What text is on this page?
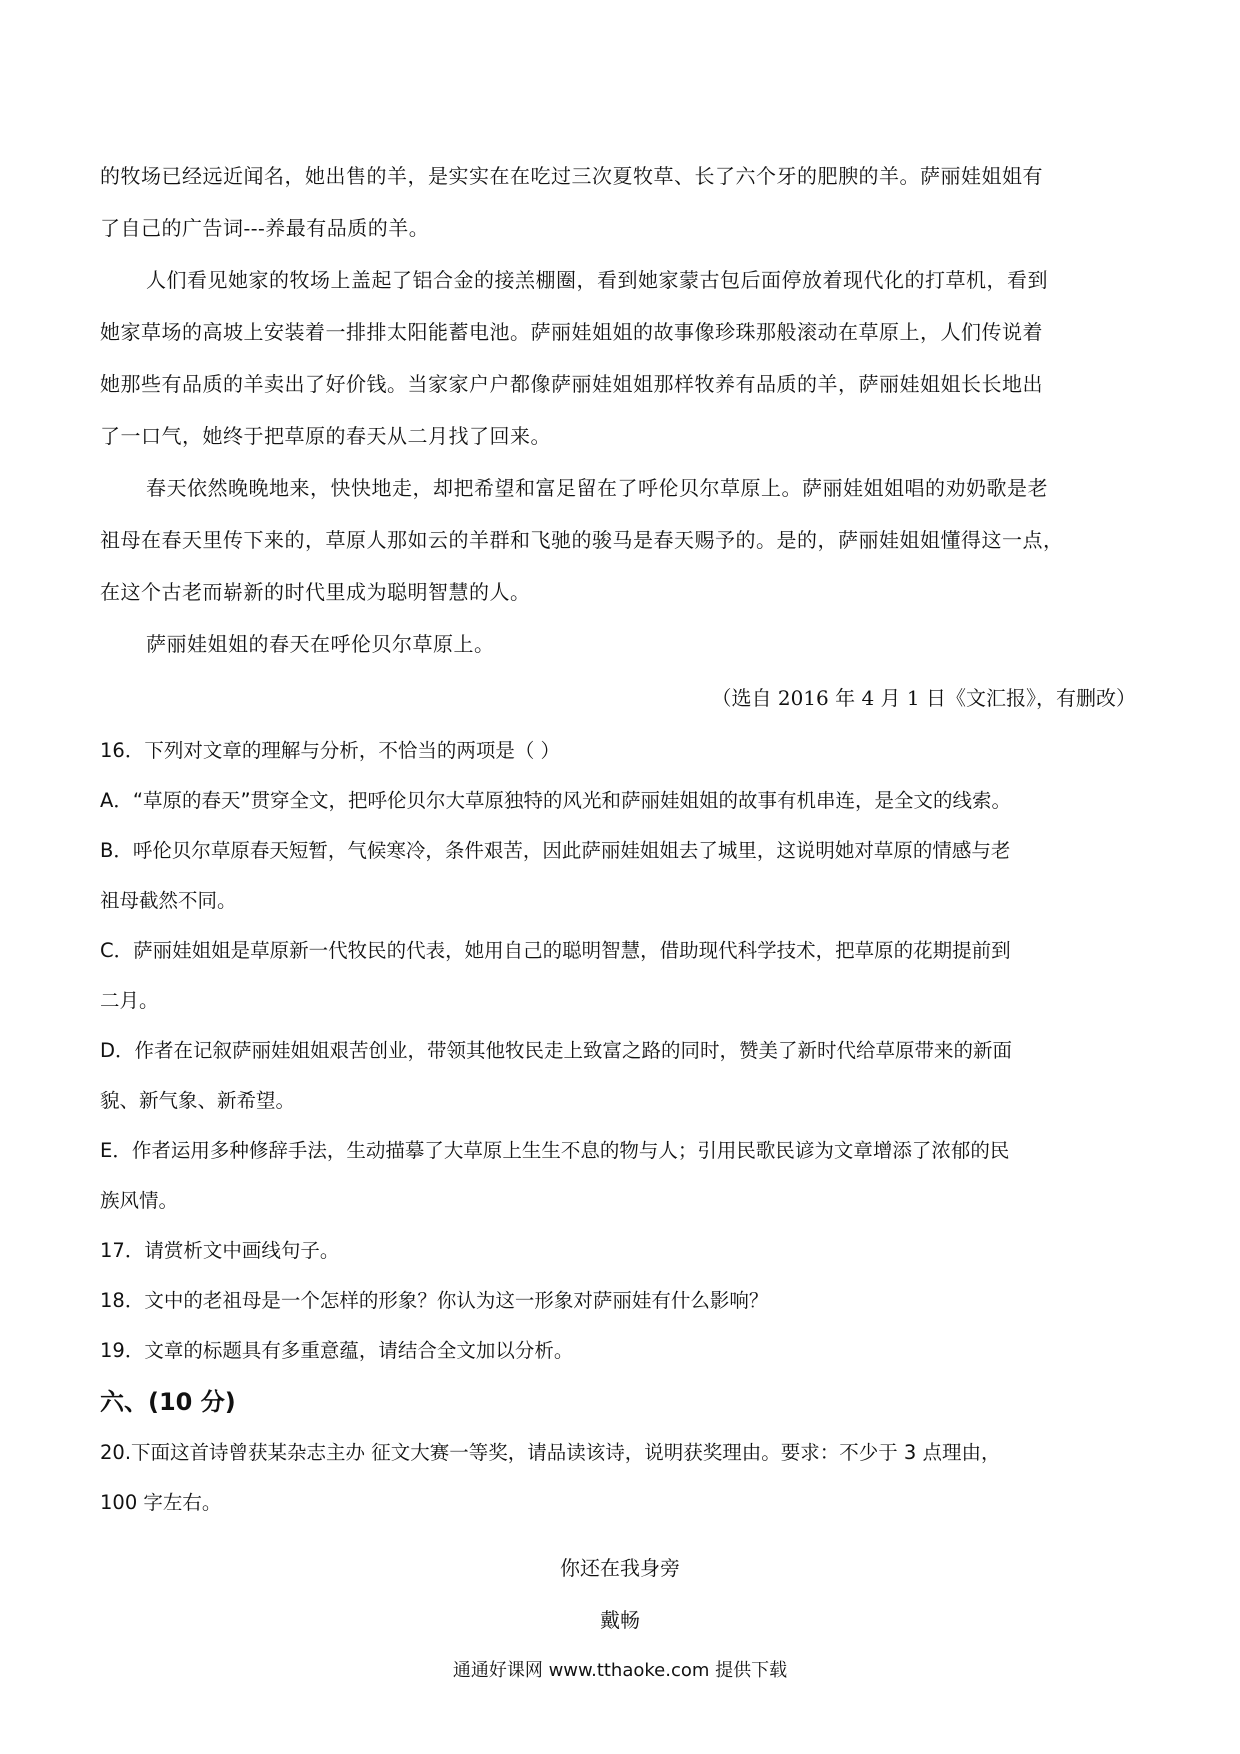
的牧场已经远近闻名，她出售的羊，是实实在在吃过三次夏牧草、长了六个牙的肥腴的羊。萨丽娃姐姐有
了自己的广告词---养最有品质的羊。
人们看见她家的牧场上盖起了铝合金的接羔棚圈，看到她家蒙古包后面停放着现代化的打草机，看到
她家草场的高坡上安装着一排排太阳能蓄电池。萨丽娃姐姐的故事像珍珠那般滚动在草原上，人们传说着
她那些有品质的羊卖出了好价钱。当家家户户都像萨丽娃姐姐那样牧养有品质的羊，萨丽娃姐姐长长地出
了一口气，她终于把草原的春天从二月找了回来。
春天依然晚晚地来，快快地走，却把希望和富足留在了呼伦贝尔草原上。萨丽娃姐姐唱的劝奶歌是老
祖母在春天里传下来的，草原人那如云的羊群和飞驰的骏马是春天赐予的。是的，萨丽娃姐姐懂得这一点，
在这个古老而崭新的时代里成为聪明智慧的人。
萨丽娃姐姐的春天在呼伦贝尔草原上。
（选自 2016 年 4 月 1 日《文汇报》，有删改）
16．下列对文章的理解与分析，不恰当的两项是（ ）
A．“草原的春天”贯穿全文，把呼伦贝尔大草原独特的风光和萨丽娃姐姐的故事有机串连，是全文的线索。
B．呼伦贝尔草原春天短暂，气候寒冷，条件艰苦，因此萨丽娃姐姐去了城里，这说明她对草原的情感与老
祖母截然不同。
C．萨丽娃姐姐是草原新一代牧民的代表，她用自己的聪明智慧，借助现代科学技术，把草原的花期提前到
二月。
D．作者在记叙萨丽娃姐姐艰苦创业，带领其他牧民走上致富之路的同时，赞美了新时代给草原带来的新面
貌、新气象、新希望。
E．作者运用多种修辞手法，生动描摹了大草原上生生不息的物与人；引用民歌民谚为文章增添了浓郁的民
族风情。
17．请赏析文中画线句子。
18．文中的老祖母是一个怎样的形象？你认为这一形象对萨丽娃有什么影响？
19．文章的标题具有多重意蕴，请结合全文加以分析。
六、(10 分)
20.下面这首诗曾获某杂志主办 征文大赛一等奖，请品读该诗，说明获奖理由。要求：不少于 3 点理由，
100 字左右。
你还在我身旁
戴畅
通通好课网 www.tthaoke.com 提供下载
